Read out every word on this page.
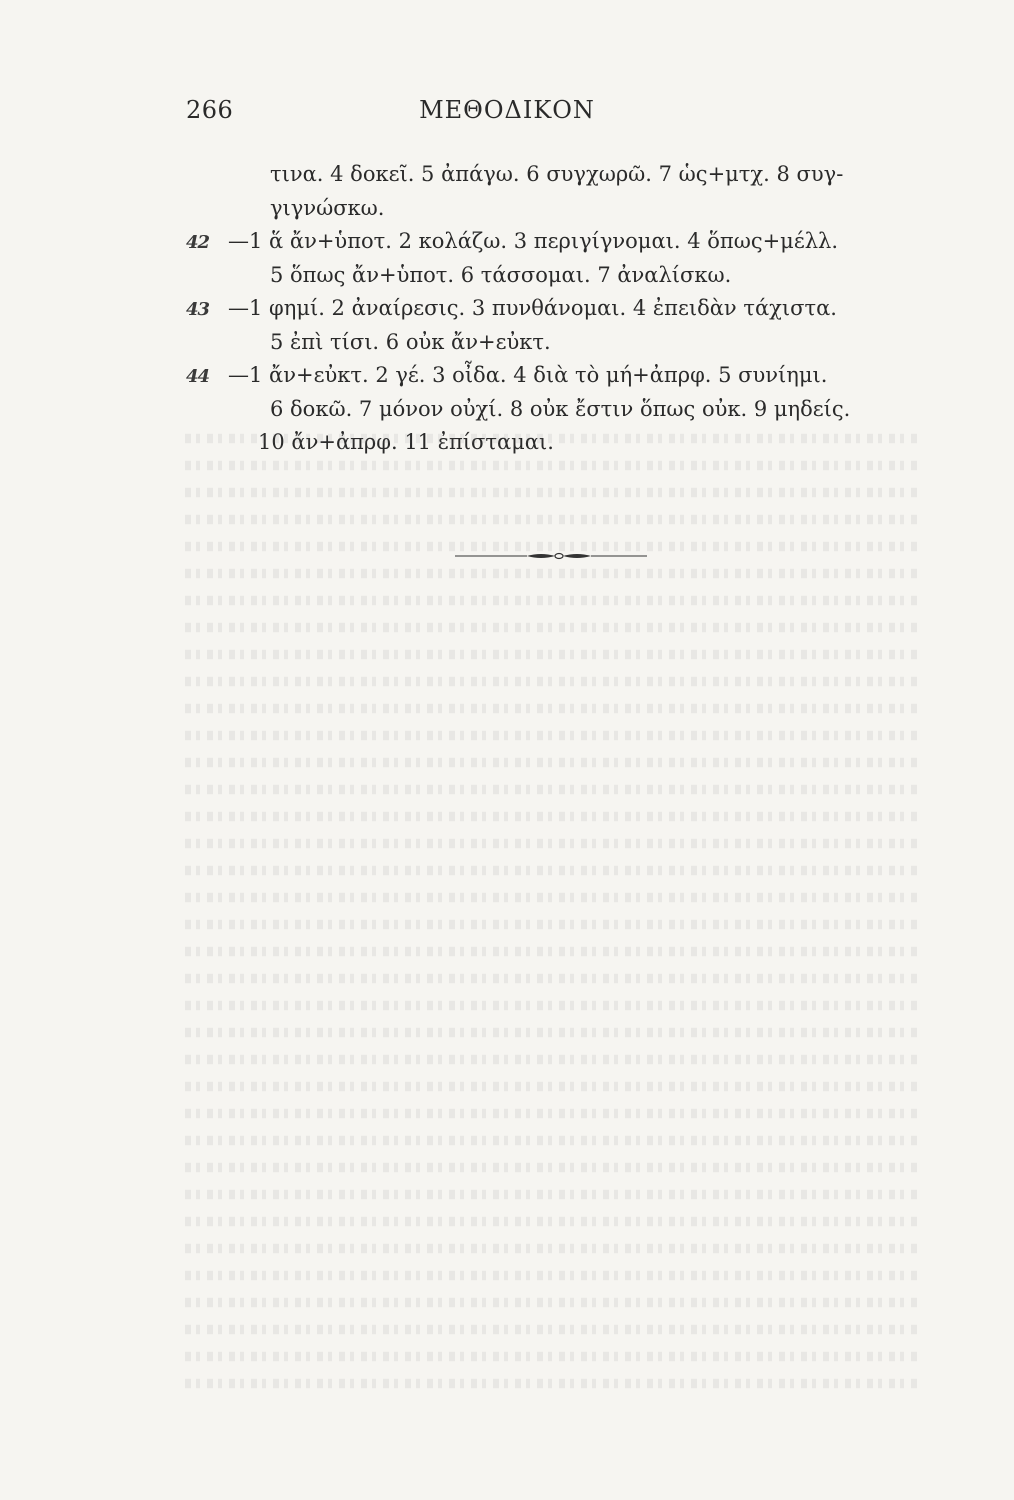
266	ΜΕΘΟΔΙΚΟΝ
τινα. 4 δοκεῖ. 5 ἀπάγω. 6 συγχωρῶ. 7 ὡς+μτχ. 8 συγ-
γιγνώσκω.
42 —1 ἅ ἄν+ὑποτ. 2 κολάζω. 3 περιγίγνομαι. 4 ὅπως+μέλλ.
5 ὅπως ἄν+ὑποτ. 6 τάσσομαι. 7 ἀναλίσκω.
43 —1 φημί. 2 ἀναίρεσις. 3 πυνθάνομαι. 4 ἐπειδὰν τάχιστα.
5 ἐπὶ τίσι. 6 οὐκ ἄν+εὐκτ.
44 —1 ἄν+εὐκτ. 2 γέ. 3 οἶδα. 4 διὰ τὸ μή+ἀπρφ. 5 συνίημι.
6 δοκῶ. 7 μόνον οὐχί. 8 οὐκ ἔστιν ὅπως οὐκ. 9 μηδείς.
10 ἄν+ἀπρφ. 11 ἐπίσταμαι.
